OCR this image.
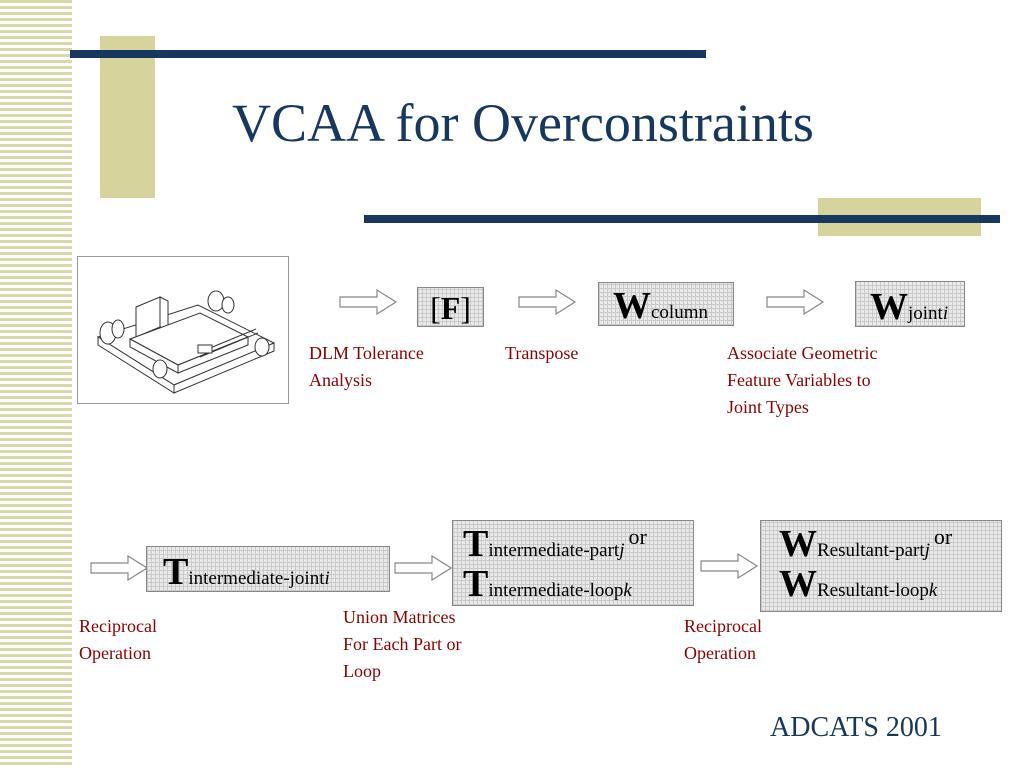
VCAA for Overconstraints
[F]	Wcolumn	Wjointi
DLM Tolerance
Analysis
Transpose	Associate Geometric
Feature Variables to
Joint Types
Tintermediate-jointi
Tintermediate-partj or
Tintermediate-loopk
WResultant-partj or
WResultant-loopk
Reciprocal
Operation
Union Matrices
For Each Part or
Loop
Reciprocal
Operation
ADCATS 2001
